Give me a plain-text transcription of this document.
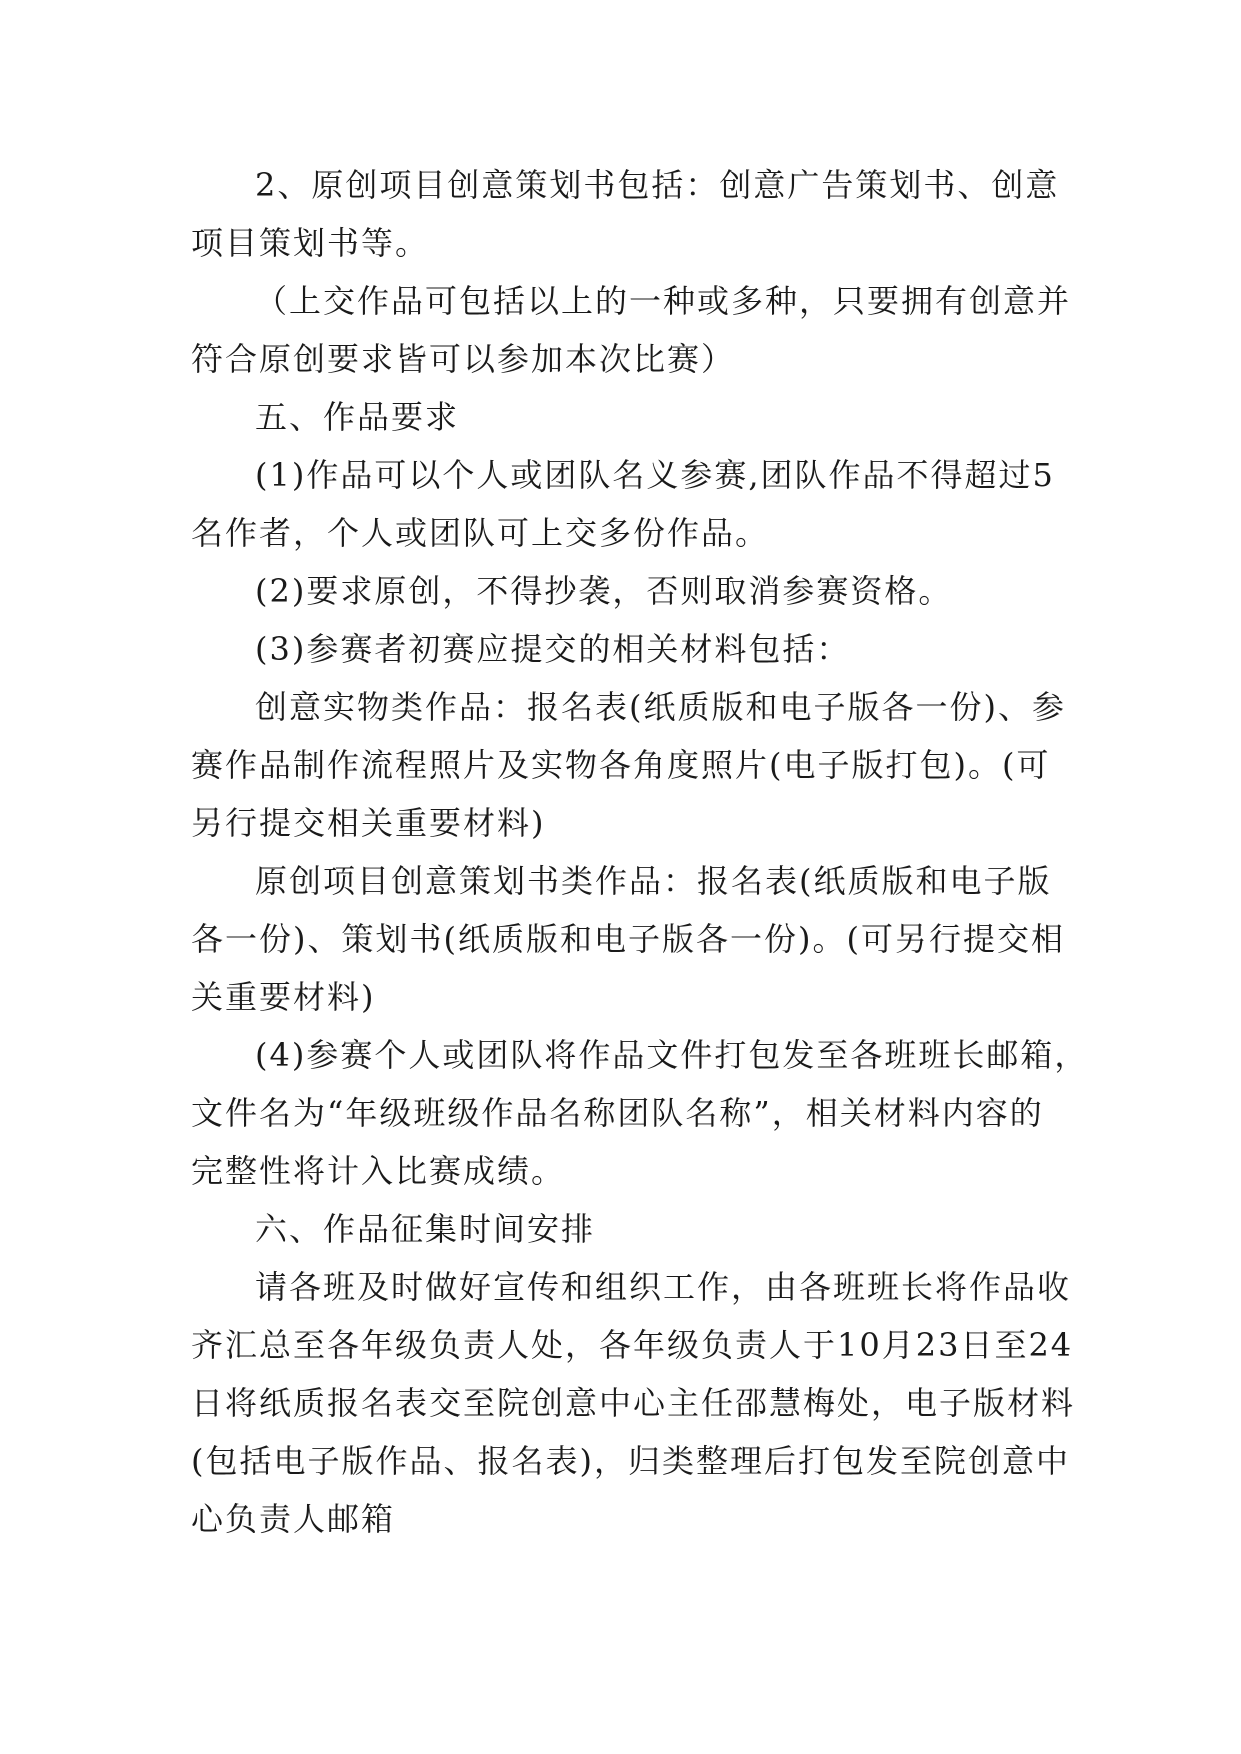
2、原创项目创意策划书包括：创意广告策划书、创意
项目策划书等。
（上交作品可包括以上的一种或多种，只要拥有创意并
符合原创要求皆可以参加本次比赛）
五、作品要求
(1)作品可以个人或团队名义参赛,团队作品不得超过5
名作者，个人或团队可上交多份作品。
(2)要求原创，不得抄袭，否则取消参赛资格。
(3)参赛者初赛应提交的相关材料包括：
创意实物类作品：报名表(纸质版和电子版各一份)、参
赛作品制作流程照片及实物各角度照片(电子版打包)。(可
另行提交相关重要材料)
原创项目创意策划书类作品：报名表(纸质版和电子版
各一份)、策划书(纸质版和电子版各一份)。(可另行提交相
关重要材料)
(4)参赛个人或团队将作品文件打包发至各班班长邮箱，
文件名为“年级班级作品名称团队名称”，相关材料内容的
完整性将计入比赛成绩。
六、作品征集时间安排
请各班及时做好宣传和组织工作，由各班班长将作品收
齐汇总至各年级负责人处，各年级负责人于10月23日至24
日将纸质报名表交至院创意中心主任邵慧梅处，电子版材料
(包括电子版作品、报名表)，归类整理后打包发至院创意中
心负责人邮箱
